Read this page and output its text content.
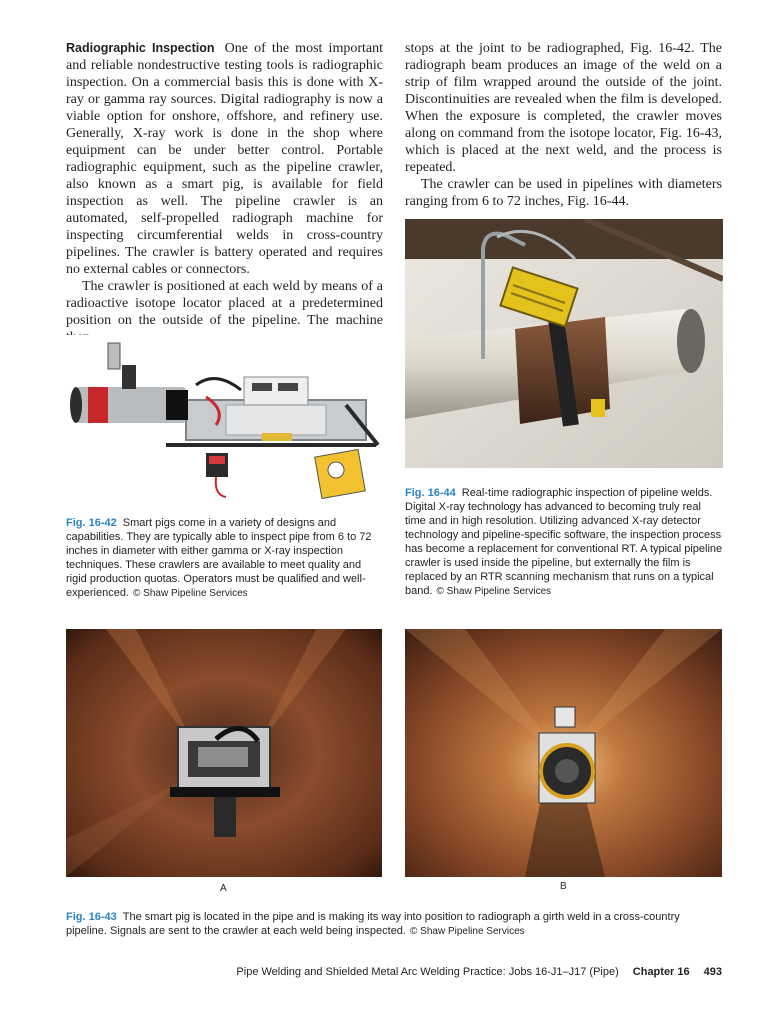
Radiographic Inspection One of the most important and reliable nondestructive testing tools is radiographic inspection. On a commercial basis this is done with X-ray or gamma ray sources. Digital radiography is now a viable option for onshore, offshore, and refinery use. Generally, X-ray work is done in the shop where equipment can be under better control. Portable radiographic equipment, such as the pipeline crawler, also known as a smart pig, is available for field inspection as well. The pipeline crawler is an automated, self-propelled radiograph machine for inspecting circumferential welds in cross-country pipelines. The crawler is battery operated and requires no external cables or connectors.

The crawler is positioned at each weld by means of a radioactive isotope locator placed at a predetermined position on the outside of the pipeline. The machine

stops at the joint to be radiographed, Fig. 16-42. The radiograph beam produces an image of the weld on a strip of film wrapped around the outside of the joint. Discontinuities are revealed when the film is developed. When the exposure is completed, the crawler moves along on command from the isotope locator, Fig. 16-43, which is placed at the next weld, and the process is repeated.

The crawler can be used in pipelines with diameters ranging from 6 to 72 inches, Fig. 16-44.

Fig. 16-42 Smart pigs come in a variety of designs and capabilities. They are typically able to inspect pipe from 6 to 72 inches in diameter with either gamma or X-ray inspection techniques. These crawlers are available to meet quality and rigid production quotas. Operators must be qualified and well-experienced. © Shaw Pipeline Services
Fig. 16-44 Real-time radiographic inspection of pipeline welds. Digital X-ray technology has advanced to becoming truly real time and in high resolution. Utilizing advanced X-ray detector technology and pipeline-specific software, the inspection process has become a replacement for conventional RT. A typical pipeline crawler is used inside the pipeline, but externally the film is replaced by an RTR scanning mechanism that runs on a typical band. © Shaw Pipeline Services
A	B
Fig. 16-43 The smart pig is located in the pipe and is making its way into position to radiograph a girth weld in a cross-country pipeline. Signals are sent to the crawler at each weld being inspected. © Shaw Pipeline Services
Pipe Welding and Shielded Metal Arc Welding Practice: Jobs 16-J1–J17 (Pipe) Chapter 16 493
